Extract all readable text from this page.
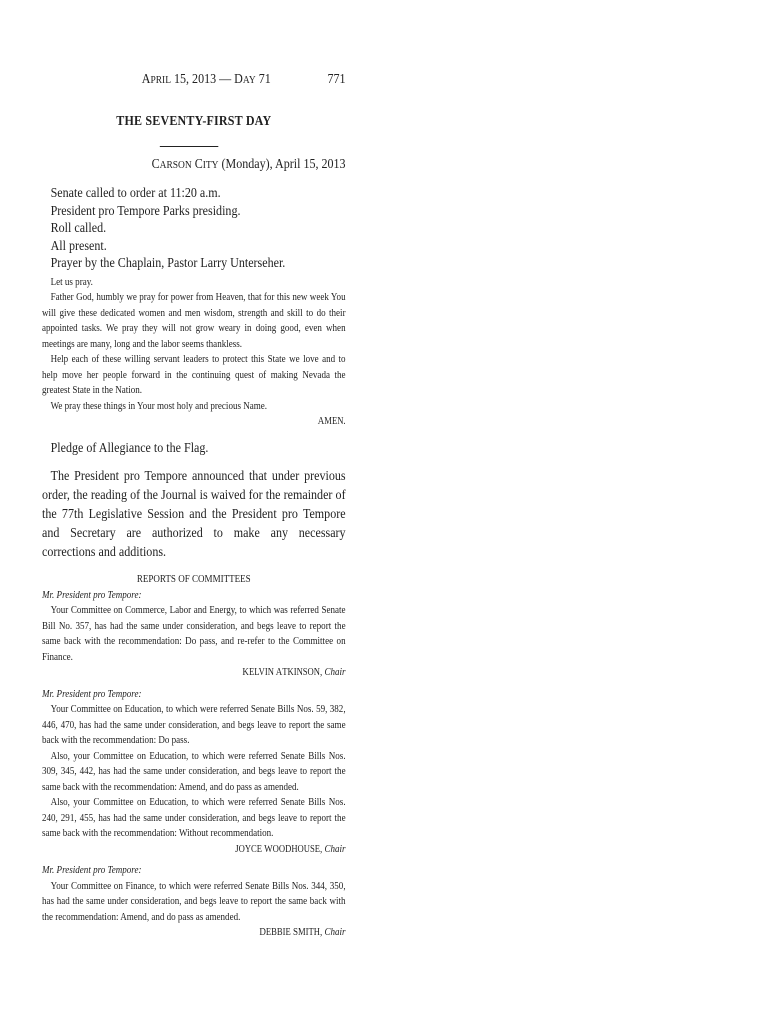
APRIL 15, 2013 — DAY 71	771
THE SEVENTY-FIRST DAY
CARSON CITY (Monday), April 15, 2013

Senate called to order at 11:20 a.m.

President pro Tempore Parks presiding.

Roll called.

All present.

Prayer by the Chaplain, Pastor Larry Unterseher.

Let us pray.

Father God, humbly we pray for power from Heaven, that for this new week You will give these dedicated women and men wisdom, strength and skill to do their appointed tasks. We pray they will not grow weary in doing good, even when meetings are many, long and the labor seems thankless.

Help each of these willing servant leaders to protect this State we love and to help move her people forward in the continuing quest of making Nevada the greatest State in the Nation.

We pray these things in Your most holy and precious Name.

AMEN.

Pledge of Allegiance to the Flag.

The President pro Tempore announced that under previous order, the reading of the Journal is waived for the remainder of the 77th Legislative Session and the President pro Tempore and Secretary are authorized to make any necessary corrections and additions.

REPORTS OF COMMITTEES

Mr. President pro Tempore:

Your Committee on Commerce, Labor and Energy, to which was referred Senate Bill No. 357, has had the same under consideration, and begs leave to report the same back with the recommendation: Do pass, and re-refer to the Committee on Finance.

KELVIN ATKINSON, Chair

Mr. President pro Tempore:

Your Committee on Education, to which were referred Senate Bills Nos. 59, 382, 446, 470, has had the same under consideration, and begs leave to report the same back with the recommendation: Do pass.

Also, your Committee on Education, to which were referred Senate Bills Nos. 309, 345, 442, has had the same under consideration, and begs leave to report the same back with the recommendation: Amend, and do pass as amended.

Also, your Committee on Education, to which were referred Senate Bills Nos. 240, 291, 455, has had the same under consideration, and begs leave to report the same back with the recommendation: Without recommendation.

JOYCE WOODHOUSE, Chair

Mr. President pro Tempore:

Your Committee on Finance, to which were referred Senate Bills Nos. 344, 350, has had the same under consideration, and begs leave to report the same back with the recommendation: Amend, and do pass as amended.

DEBBIE SMITH, Chair
